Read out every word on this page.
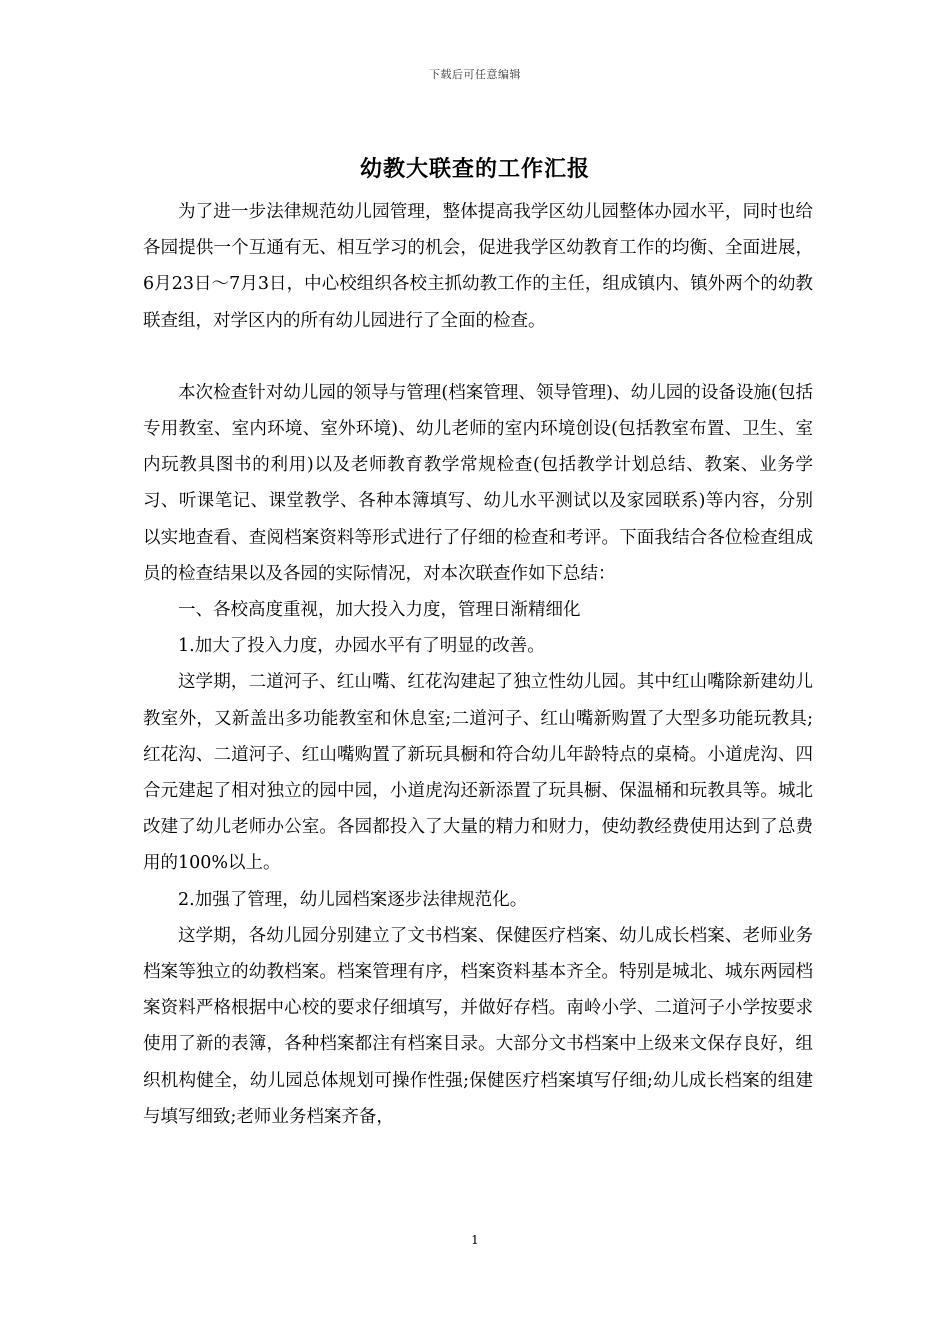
下载后可任意编辑
幼教大联查的工作汇报

为了进一步法律规范幼儿园管理，整体提高我学区幼儿园整体办园水平，同时也给各园提供一个互通有无、相互学习的机会，促进我学区幼教育工作的均衡、全面进展，6月23日～7月3日，中心校组织各校主抓幼教工作的主任，组成镇内、镇外两个的幼教联查组，对学区内的所有幼儿园进行了全面的检查。

本次检查针对幼儿园的领导与管理(档案管理、领导管理)、幼儿园的设备设施(包括专用教室、室内环境、室外环境)、幼儿老师的室内环境创设(包括教室布置、卫生、室内玩教具图书的利用)以及老师教育教学常规检查(包括教学计划总结、教案、业务学习、听课笔记、课堂教学、各种本簿填写、幼儿水平测试以及家园联系)等内容，分别以实地查看、查阅档案资料等形式进行了仔细的检查和考评。下面我结合各位检查组成员的检查结果以及各园的实际情况，对本次联查作如下总结：

一、各校高度重视，加大投入力度，管理日渐精细化

1.加大了投入力度，办园水平有了明显的改善。

这学期，二道河子、红山嘴、红花沟建起了独立性幼儿园。其中红山嘴除新建幼儿教室外，又新盖出多功能教室和休息室;二道河子、红山嘴新购置了大型多功能玩教具;红花沟、二道河子、红山嘴购置了新玩具橱和符合幼儿年龄特点的桌椅。小道虎沟、四合元建起了相对独立的园中园，小道虎沟还新添置了玩具橱、保温桶和玩教具等。城北改建了幼儿老师办公室。各园都投入了大量的精力和财力，使幼教经费使用达到了总费用的100%以上。

2.加强了管理，幼儿园档案逐步法律规范化。

这学期，各幼儿园分别建立了文书档案、保健医疗档案、幼儿成长档案、老师业务档案等独立的幼教档案。档案管理有序，档案资料基本齐全。特别是城北、城东两园档案资料严格根据中心校的要求仔细填写，并做好存档。南岭小学、二道河子小学按要求使用了新的表簿，各种档案都注有档案目录。大部分文书档案中上级来文保存良好，组织机构健全，幼儿园总体规划可操作性强;保健医疗档案填写仔细;幼儿成长档案的组建与填写细致;老师业务档案齐备，

1
